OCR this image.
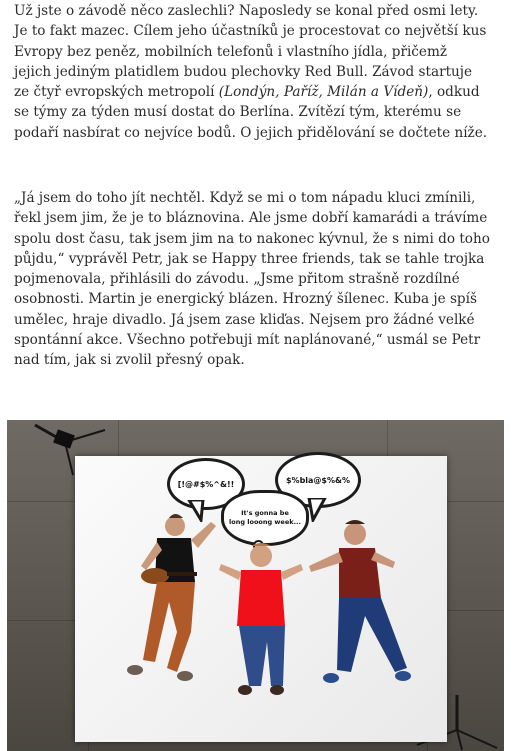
Už jste o závodě něco zaslechli? Naposledy se konal před osmi lety.
Je to fakt mazec. Cílem jeho účastníků je procestovat co největší kus
Evropy bez peněz, mobilních telefonů i vlastního jídla, přičemž
jejich jediným platidlem budou plechovky Red Bull. Závod startuje
ze čtyř evropských metropolí (Londýn, Paříž, Milán a Vídeň), odkud
se týmy za týden musí dostat do Berlína. Zvítězí tým, kterému se
podaří nasbírat co nejvíce bodů. O jejich přidělování se dočtete níže.

„Já jsem do toho jít nechtěl. Když se mi o tom nápadu kluci zmínili,
řekl jsem jim, že je to bláznovina. Ale jsme dobří kamarádi a trávíme
spolu dost času, tak jsem jim na to nakonec kývnul, že s nimi do toho
půjdu,“ vyprávěl Petr, jak se Happy three friends, tak se tahle trojka
pojmenovala, přihlásili do závodu. „Jsme přitom strašně rozdílné
osobnosti. Martin je energický blázen. Hrozný šílenec. Kuba je spíš
umělec, hraje divadlo. Já jsem zase kliďas. Nejsem pro žádné velké
spontánní akce. Všechno potřebuji mít naplánované,“ usmál se Petr
nad tím, jak si zvolil přesný opak.

[!@#$%^&!!	$%bla@$%&%
It's gonna be
long looong week...
